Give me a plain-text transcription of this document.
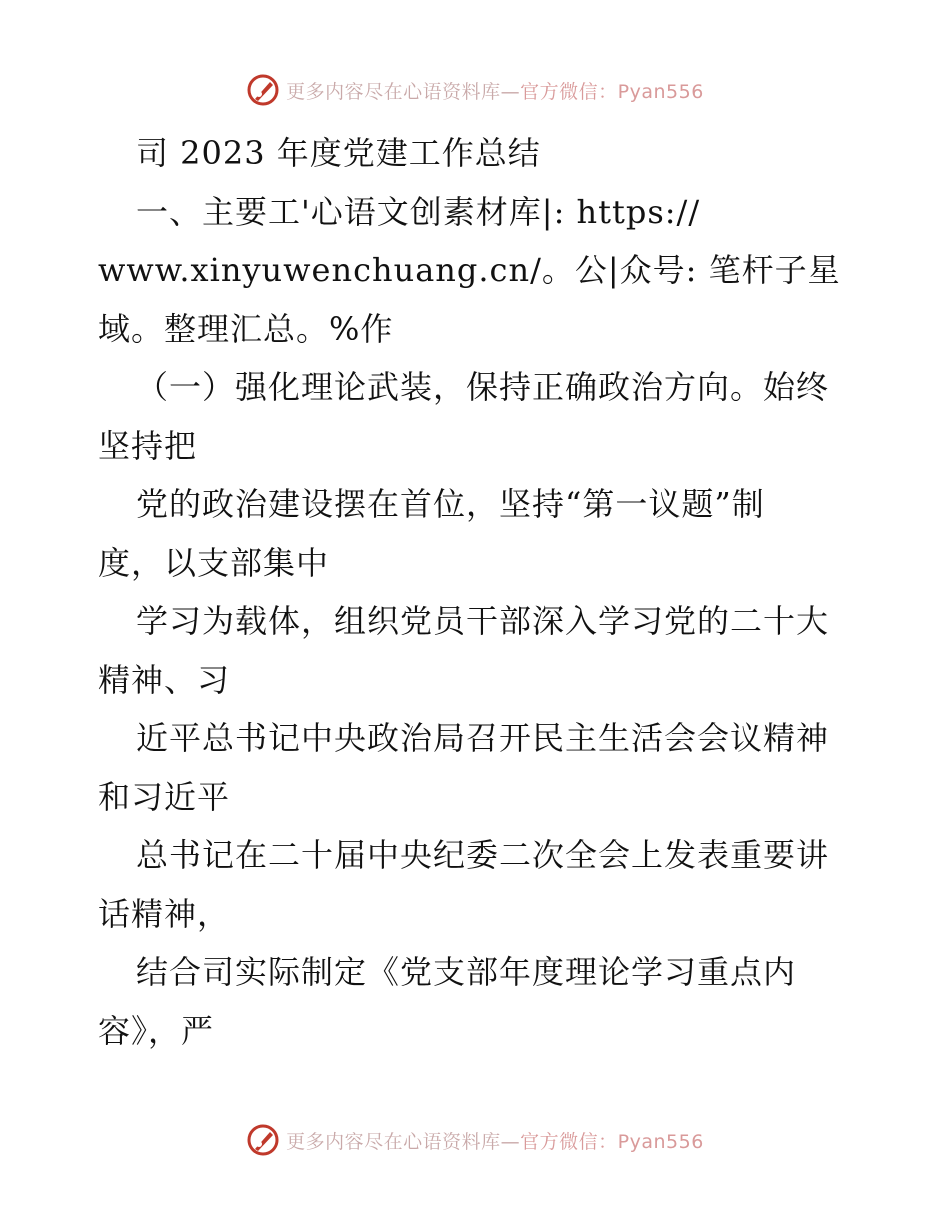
更多内容尽在心语资料库—官方微信：Pyan556
司 2023 年度党建工作总结
一、主要工'心语文创素材库|: https://
www.xinyuwenchuang.cn/。公|众号: 笔杆子星
域。整理汇总。%作
（一）强化理论武装，保持正确政治方向。始终
坚持把
党的政治建设摆在首位，坚持“第一议题”制
度，以支部集中
学习为载体，组织党员干部深入学习党的二十大
精神、习
近平总书记中央政治局召开民主生活会会议精神
和习近平
总书记在二十届中央纪委二次全会上发表重要讲
话精神，
结合司实际制定《党支部年度理论学习重点内
容》，严
更多内容尽在心语资料库—官方微信：Pyan556
